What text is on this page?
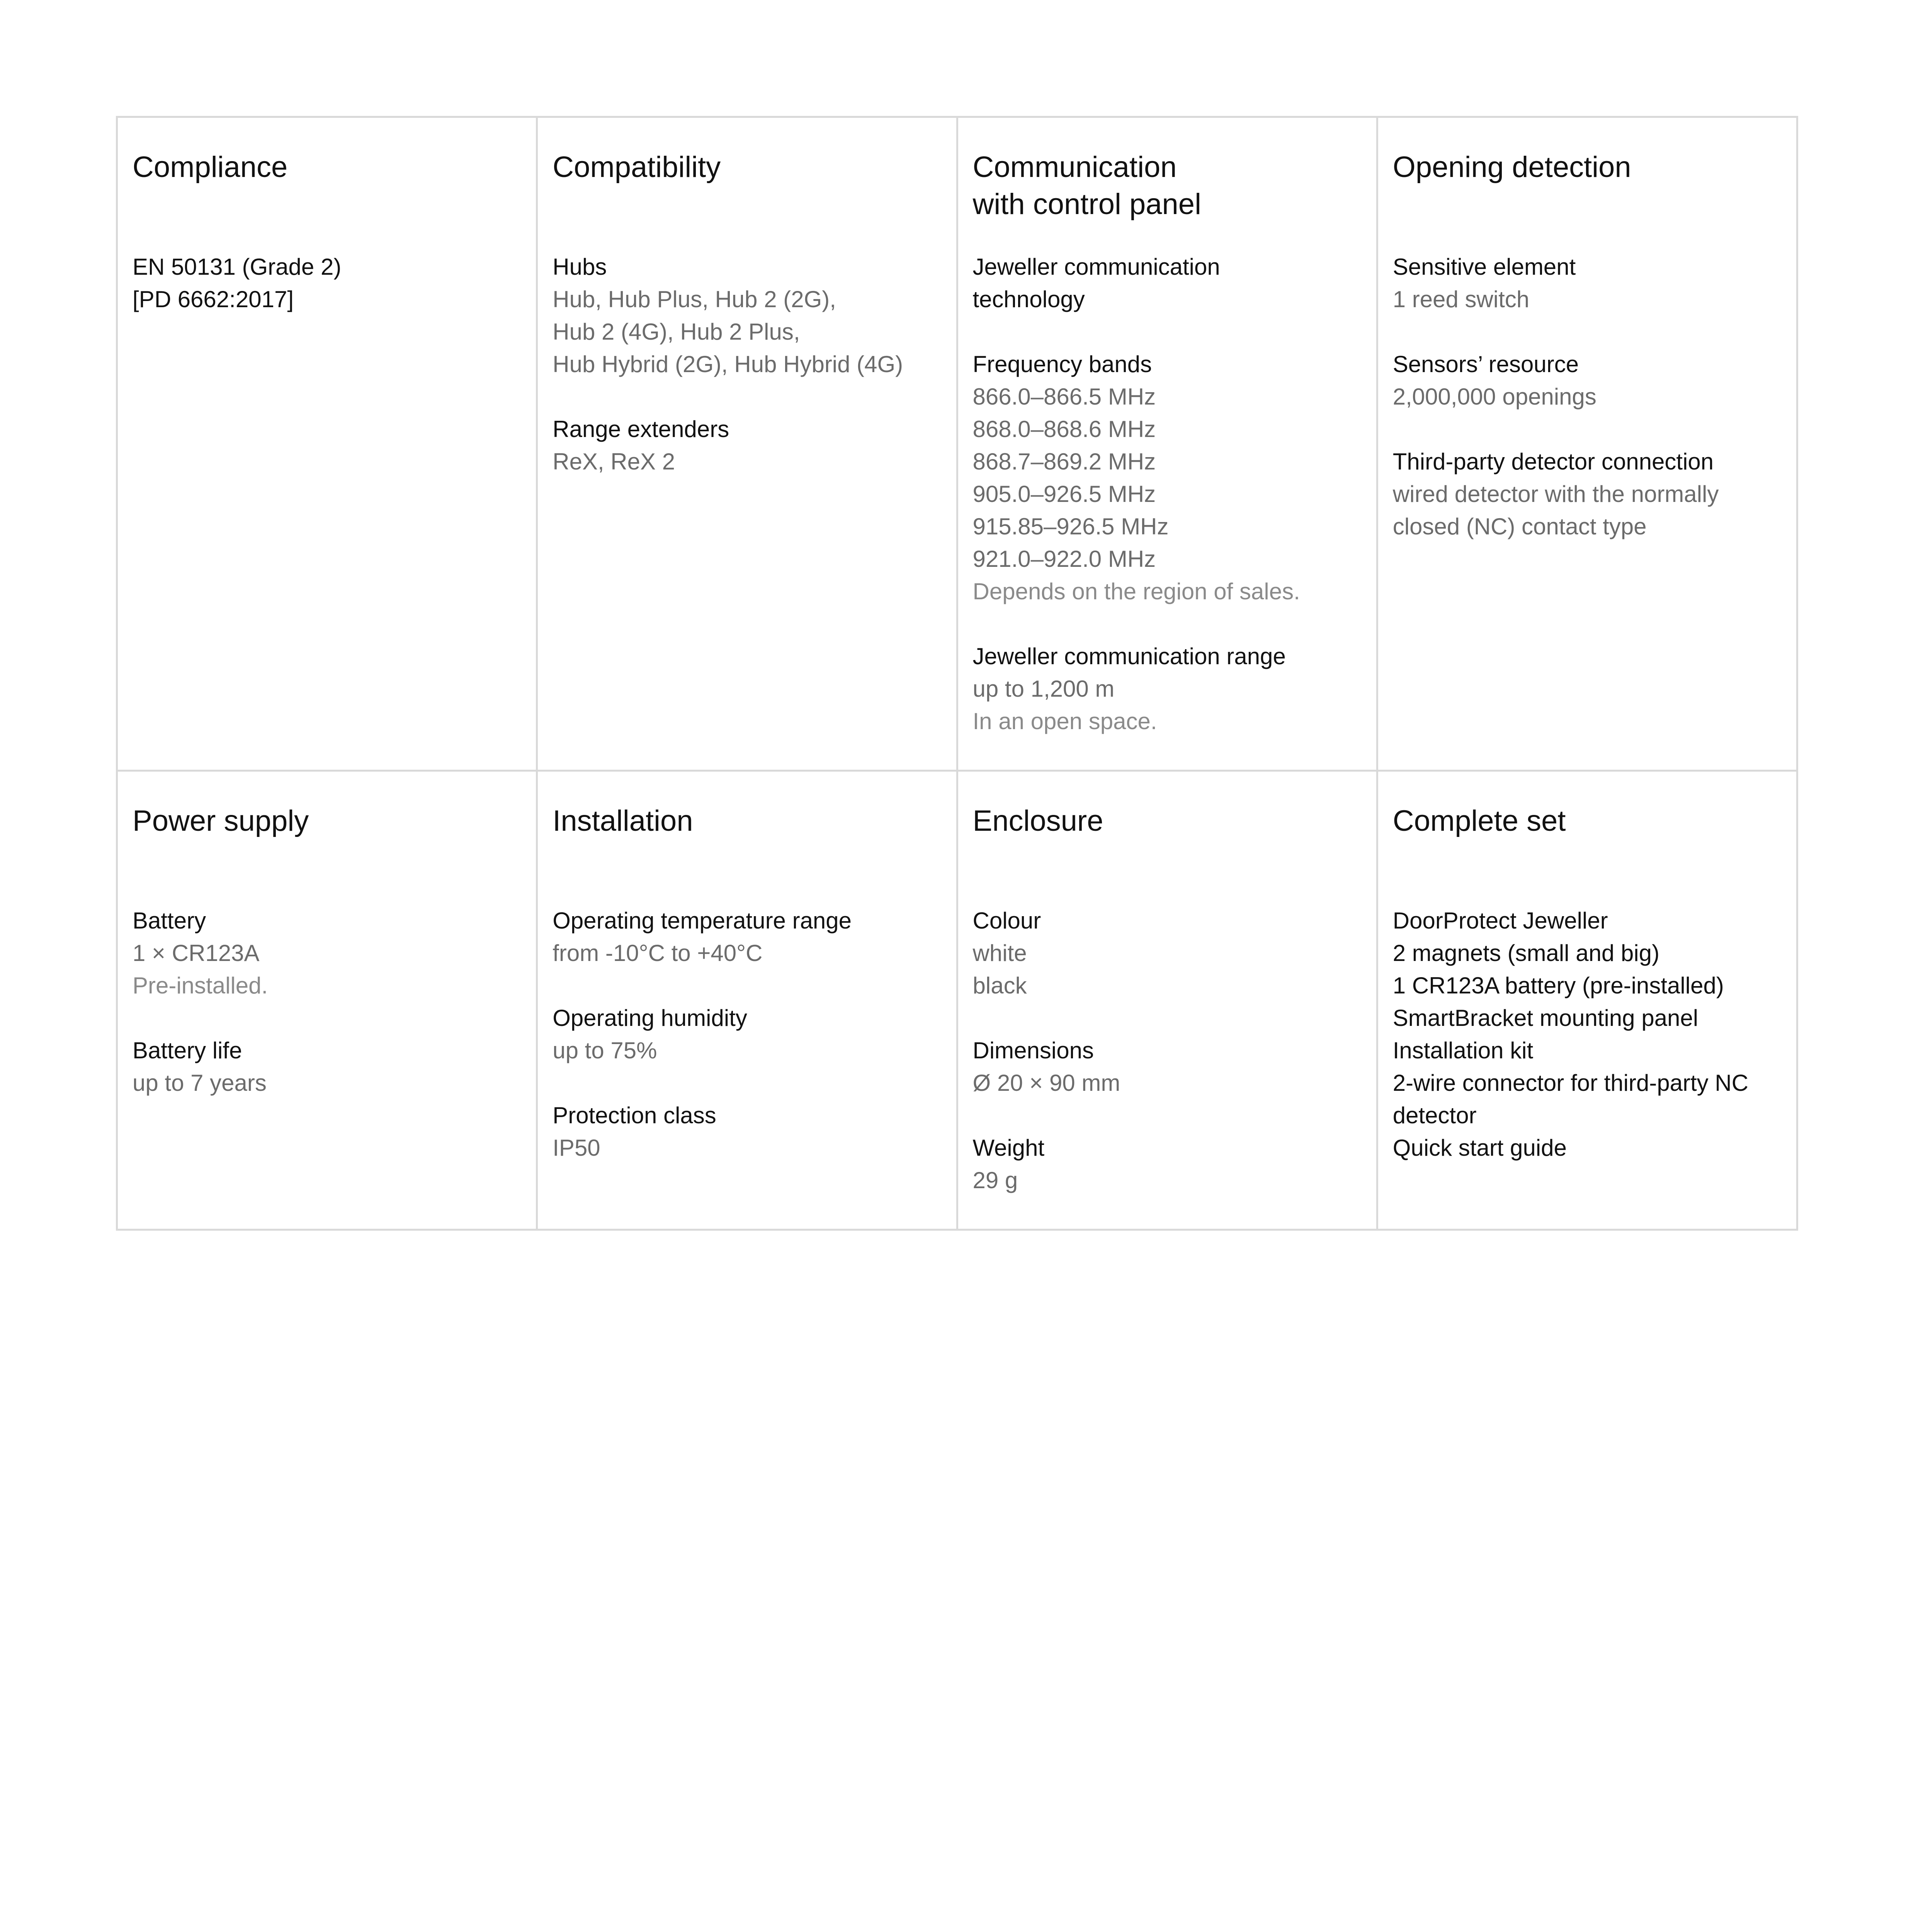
Compliance
EN 50131 (Grade 2)
[PD 6662:2017]
Compatibility
Hubs
Hub, Hub Plus, Hub 2 (2G),
Hub 2 (4G), Hub 2 Plus,
Hub Hybrid (2G), Hub Hybrid (4G)
Range extenders
ReX, ReX 2
Communication
with control panel
Jeweller communication
technology
Frequency bands
866.0–866.5 MHz
868.0–868.6 MHz
868.7–869.2 MHz
905.0–926.5 MHz
915.85–926.5 MHz
921.0–922.0 MHz
Depends on the region of sales.
Jeweller communication range
up to 1,200 m
In an open space.
Opening detection
Sensitive element
1 reed switch
Sensors’ resource
2,000,000 openings
Third-party detector connection
wired detector with the normally
closed (NC) contact type
Power supply
Battery
1 × CR123A
Pre-installed.
Battery life
up to 7 years
Installation
Operating temperature range
from -10°C to +40°C
Operating humidity
up to 75%
Protection class
IP50
Enclosure
Colour
white
black
Dimensions
Ø 20 × 90 mm
Weight
29 g
Complete set
DoorProtect Jeweller
2 magnets (small and big)
1 CR123A battery (pre-installed)
SmartBracket mounting panel
Installation kit
2-wire connector for third-party NC
detector
Quick start guide
